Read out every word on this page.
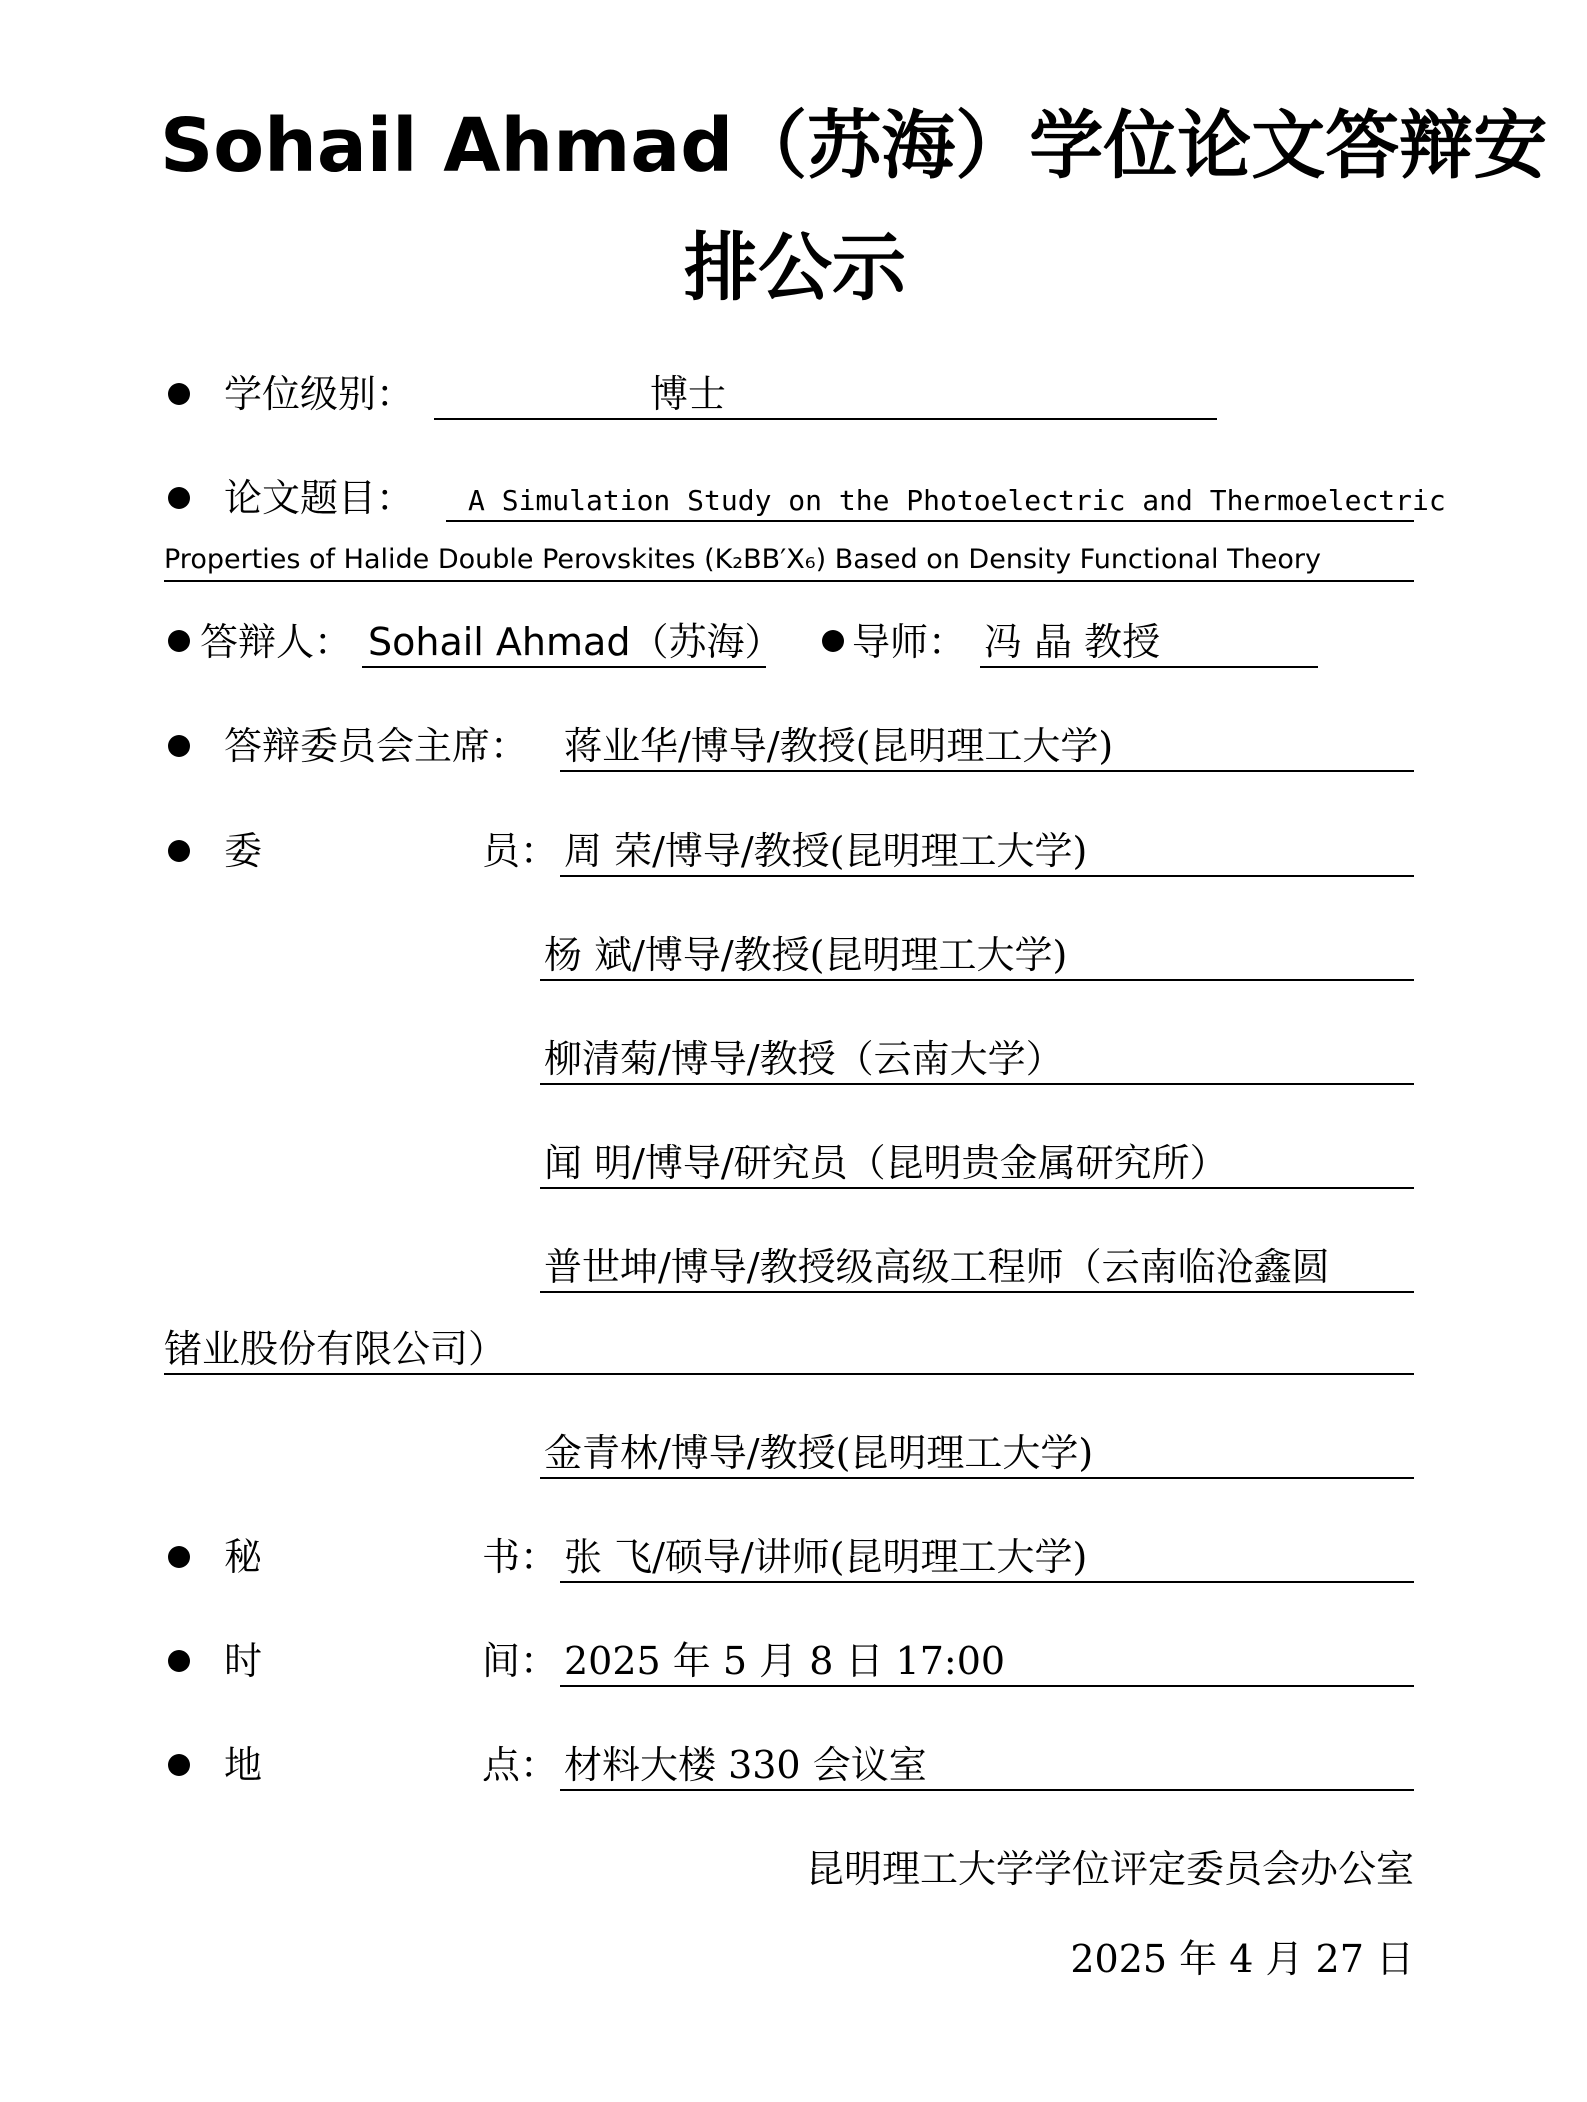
Sohail Ahmad（苏海）学位论文答辩安
排公示
学位级别：	博士
论文题目： A Simulation Study on the Photoelectric and Thermoelectric
Properties of Halide Double Perovskites (K₂BB′X₆) Based on Density Functional Theory
答辩人： Sohail Ahmad（苏海） 导师： 冯 晶 教授
答辩委员会主席： 蒋业华/博导/教授(昆明理工大学)
委	员： 周 荣/博导/教授(昆明理工大学)
杨 斌/博导/教授(昆明理工大学)
柳清菊/博导/教授（云南大学）
闻 明/博导/研究员（昆明贵金属研究所）
普世坤/博导/教授级高级工程师（云南临沧鑫圆
锗业股份有限公司）
金青林/博导/教授(昆明理工大学)
秘	书： 张 飞/硕导/讲师(昆明理工大学)
时	间： 2025 年 5 月 8 日 17:00
地	点： 材料大楼 330 会议室
昆明理工大学学位评定委员会办公室
2025 年 4 月 27 日
